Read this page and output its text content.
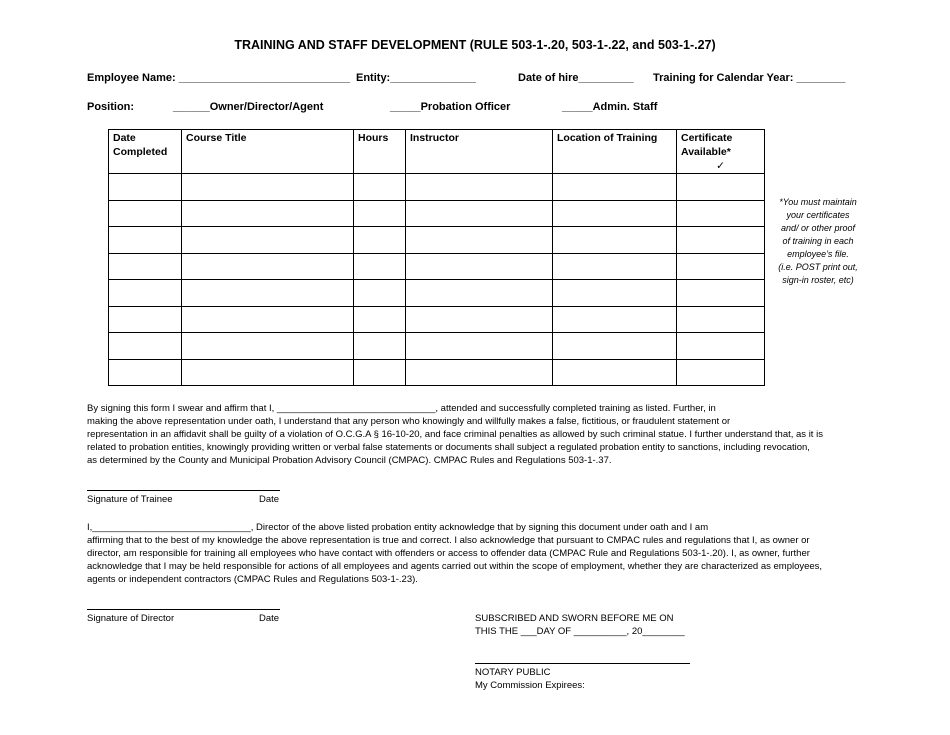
TRAINING AND STAFF DEVELOPMENT (RULE 503-1-.20, 503-1-.22, and 503-1-.27)
Employee Name: ____________________________ Entity:______________	Date of hire_________ Training for Calendar Year: ________
Position:	______Owner/Director/Agent	_____Probation Officer	_____Admin. Staff
Date Completed	Course Title	Hours	Instructor	Location of Training	Certificate Available*
✓

*You must maintain
your certificates
and/ or other proof
of training in each
employee’s file.
(i.e. POST print out,
sign-in roster, etc)

By signing this form I swear and affirm that I, ______________________________, attended and successfully completed training as listed. Further, in

making the above representation under oath, I understand that any person who knowingly and willfully makes a false, fictitious, or fraudulent statement or

representation in an affidavit shall be guilty of a violation of O.C.G.A § 16-10-20, and face criminal penalties as allowed by such criminal statue. I further understand that, as it is

related to probation entities, knowingly providing written or verbal false statements or documents shall subject a regulated probation entity to sanctions, including revocation,

as determined by the County and Municipal Probation Advisory Council (CMPAC). CMPAC Rules and Regulations 503-1-.37.

Signature of Trainee	Date

I,______________________________, Director of the above listed probation entity acknowledge that by signing this document under oath and I am

affirming that to the best of my knowledge the above representation is true and correct. I also acknowledge that pursuant to CMPAC rules and regulations that I, as owner or

director, am responsible for training all employees who have contact with offenders or access to offender data (CMPAC Rule and Regulations 503-1-.20). I, as owner, further

acknowledge that I may be held responsible for actions of all employees and agents carried out within the scope of employment, whether they are characterized as employees,

agents or independent contractors (CMPAC Rules and Regulations 503-1-.23).

Signature of Director	Date	SUBSCRIBED AND SWORN BEFORE ME ON
THIS THE ___DAY OF __________, 20________
NOTARY PUBLIC
My Commission Expirees:
